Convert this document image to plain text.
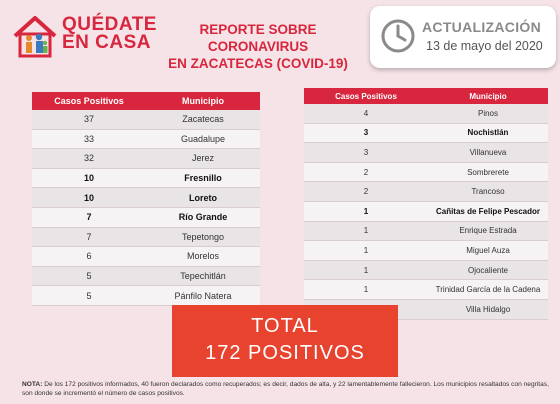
QUÉDATE
EN CASA
REPORTE SOBRE CORONAVIRUS
EN ZACATECAS (COVID-19)
ACTUALIZACIÓN
13 de mayo del 2020
Casos Positivos	Municipio
37	Zacatecas
33	Guadalupe
32	Jerez
10	Fresnillo
10	Loreto
7	Río Grande
7	Tepetongo
6	Morelos
5	Tepechitlán
5	Pánfilo Natera
Casos Positivos	Municipio
4	Pinos
3	Nochistlán
3	Villanueva
2	Sombrerete
2	Trancoso
1	Cañitas de Felipe Pescador
1	Enrique Estrada
1	Miguel Auza
1	Ojocaliente
1	Trinidad García de la Cadena
	Villa Hidalgo
TOTAL
172 POSITIVOS
NOTA: De los 172 positivos informados, 40 fueron declarados como recuperados; es decir, dados de alta, y 22 lamentablemente fallecieron. Los municipios resaltados con negritas, son donde se incrementó el número de casos positivos.
